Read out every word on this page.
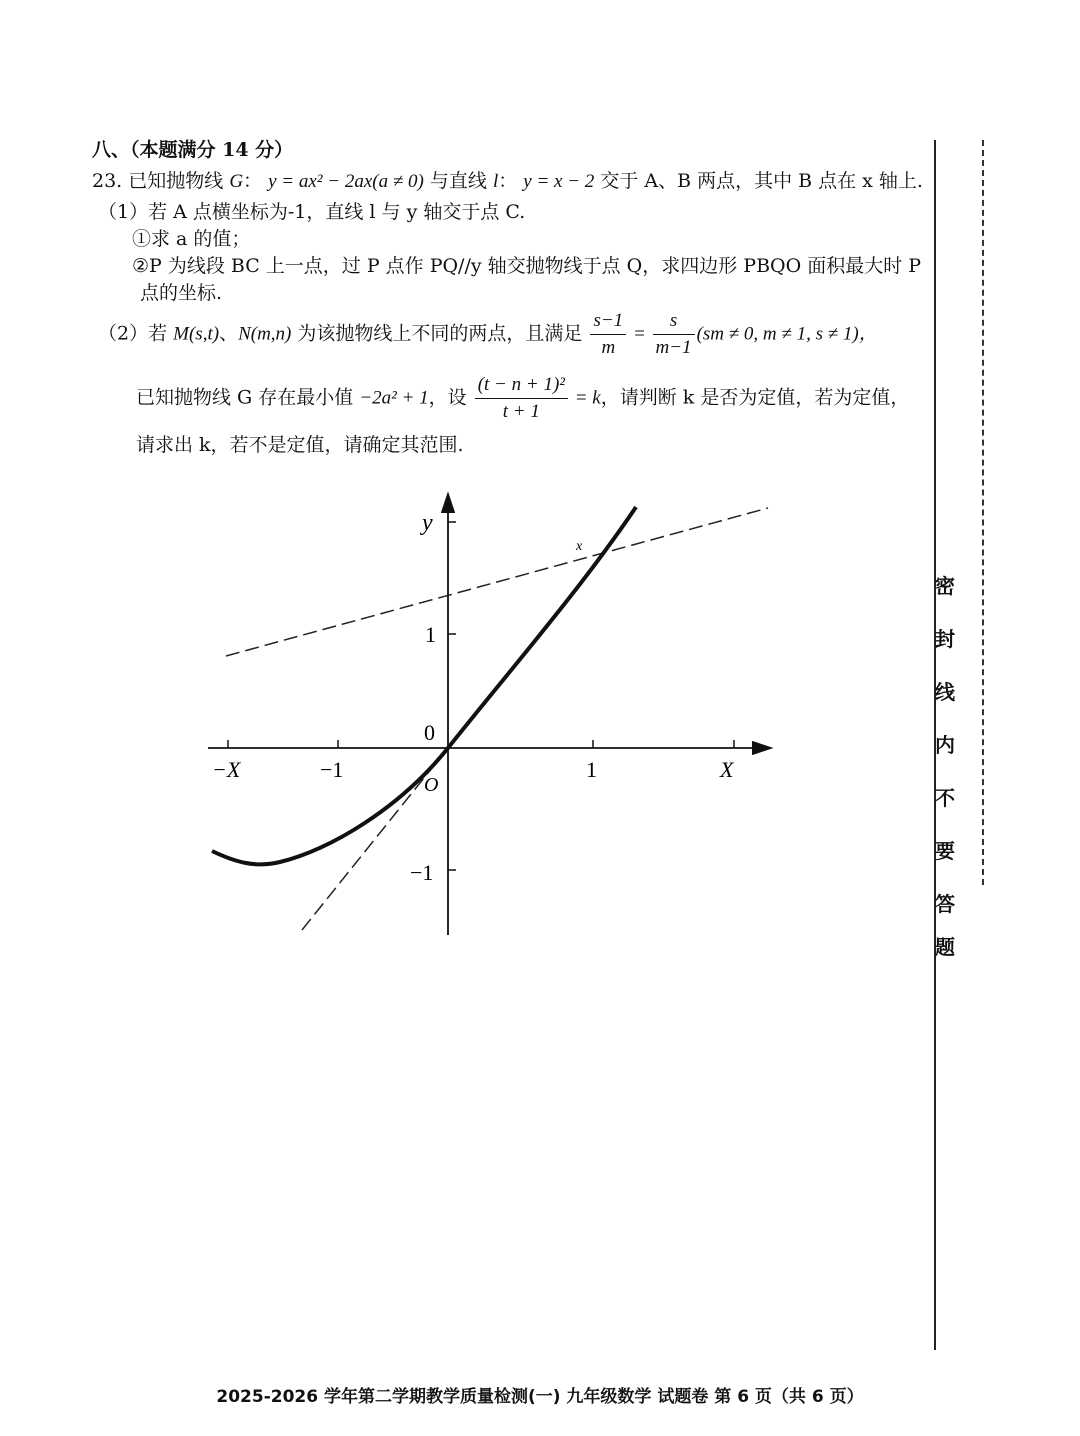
八、（本题满分 14 分）
23. 已知抛物线 G： y = ax² − 2ax(a ≠ 0) 与直线 l： y = x − 2 交于 A、B 两点，其中 B 点在 x 轴上.
（1）若 A 点横坐标为-1，直线 l 与 y 轴交于点 C.
①求 a 的值；
②P 为线段 BC 上一点，过 P 点作 PQ//y 轴交抛物线于点 Q，求四边形 PBQO 面积最大时 P
点的坐标.
（2）若 M(s,t)、N(m,n) 为该抛物线上不同的两点，且满足 $\frac{s-1}{m} = \frac{s}{m-1} (sm \ne 0$, m ≠ 1, s ≠ 1)，
已知抛物线 G 存在最小值 −2a² + 1，设 $\frac{\text{(t − n + 1)²}}{t + 1} = k$，请判断 k 是否为定值，若为定值，
请求出 k，若不是定值，请确定其范围.
y
X
−X	−1	1
1
−1
0
O
x
密
封
线
内
不
要
答
题
2025-2026 学年第二学期教学质量检测(一) 九年级数学 试题卷 第 6 页（共 6 页）
